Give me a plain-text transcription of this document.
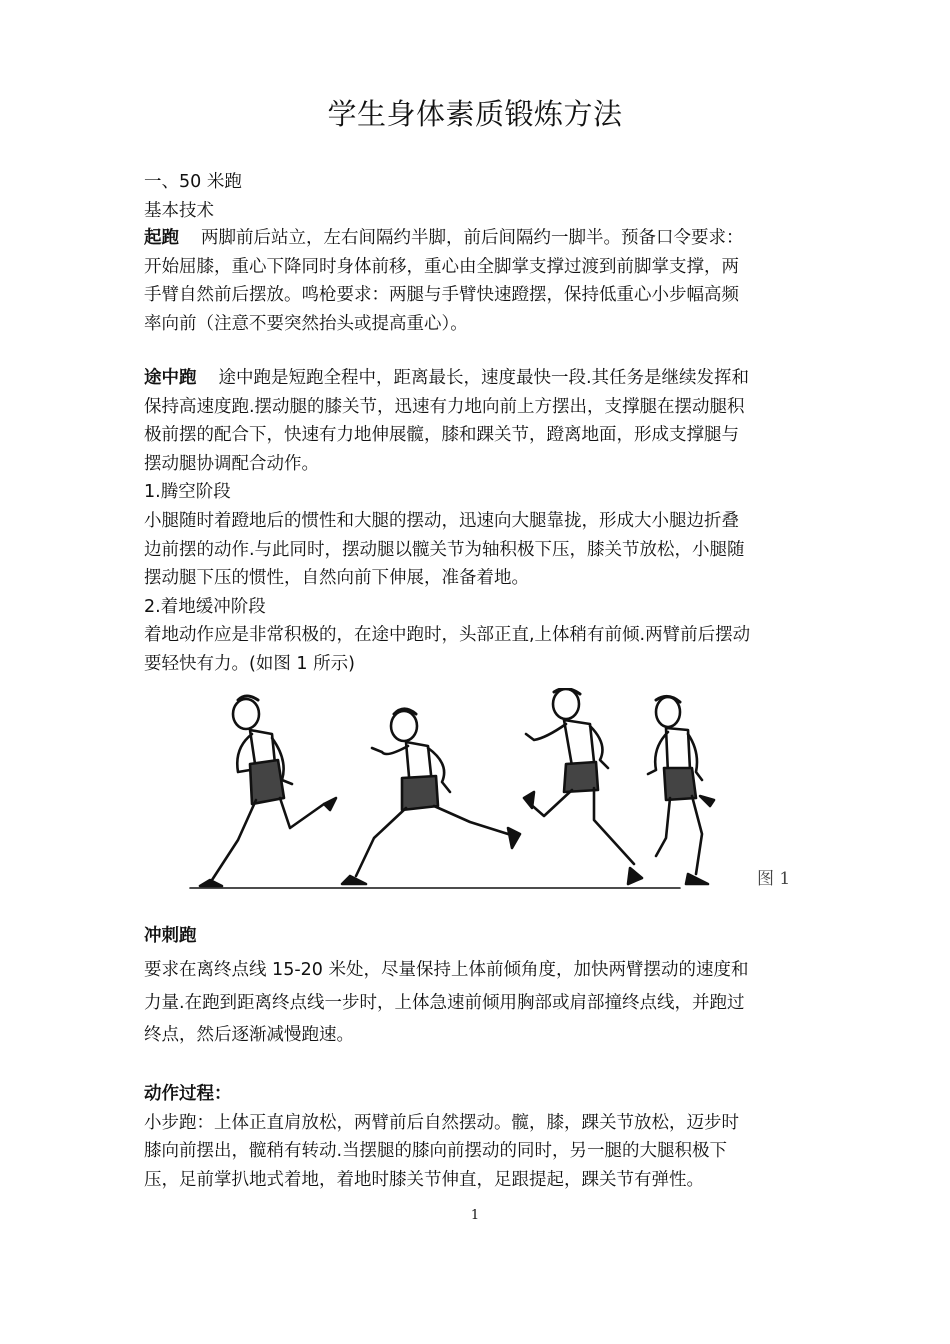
学生身体素质锻炼方法
一、50 米跑
基本技术
起跑 两脚前后站立，左右间隔约半脚，前后间隔约一脚半。预备口令要求：
开始屈膝，重心下降同时身体前移，重心由全脚掌支撑过渡到前脚掌支撑，两
手臂自然前后摆放。鸣枪要求：两腿与手臂快速蹬摆，保持低重心小步幅高频
率向前（注意不要突然抬头或提高重心）。
途中跑 途中跑是短跑全程中，距离最长，速度最快一段.其任务是继续发挥和
保持高速度跑.摆动腿的膝关节，迅速有力地向前上方摆出，支撑腿在摆动腿积
极前摆的配合下，快速有力地伸展髋，膝和踝关节，蹬离地面，形成支撑腿与
摆动腿协调配合动作。
1.腾空阶段
小腿随时着蹬地后的惯性和大腿的摆动，迅速向大腿靠拢，形成大小腿边折叠
边前摆的动作.与此同时，摆动腿以髋关节为轴积极下压，膝关节放松，小腿随
摆动腿下压的惯性，自然向前下伸展，准备着地。
2.着地缓冲阶段
着地动作应是非常积极的，在途中跑时，头部正直,上体稍有前倾.两臂前后摆动
要轻快有力。(如图 1 所示)
图 1
冲刺跑
要求在离终点线 15-20 米处，尽量保持上体前倾角度，加快两臂摆动的速度和
力量.在跑到距离终点线一步时，上体急速前倾用胸部或肩部撞终点线，并跑过
终点，然后逐渐减慢跑速。
动作过程：
小步跑：上体正直肩放松，两臂前后自然摆动。髋，膝，踝关节放松，迈步时
膝向前摆出，髋稍有转动.当摆腿的膝向前摆动的同时，另一腿的大腿积极下
压，足前掌扒地式着地，着地时膝关节伸直，足跟提起，踝关节有弹性。
1
